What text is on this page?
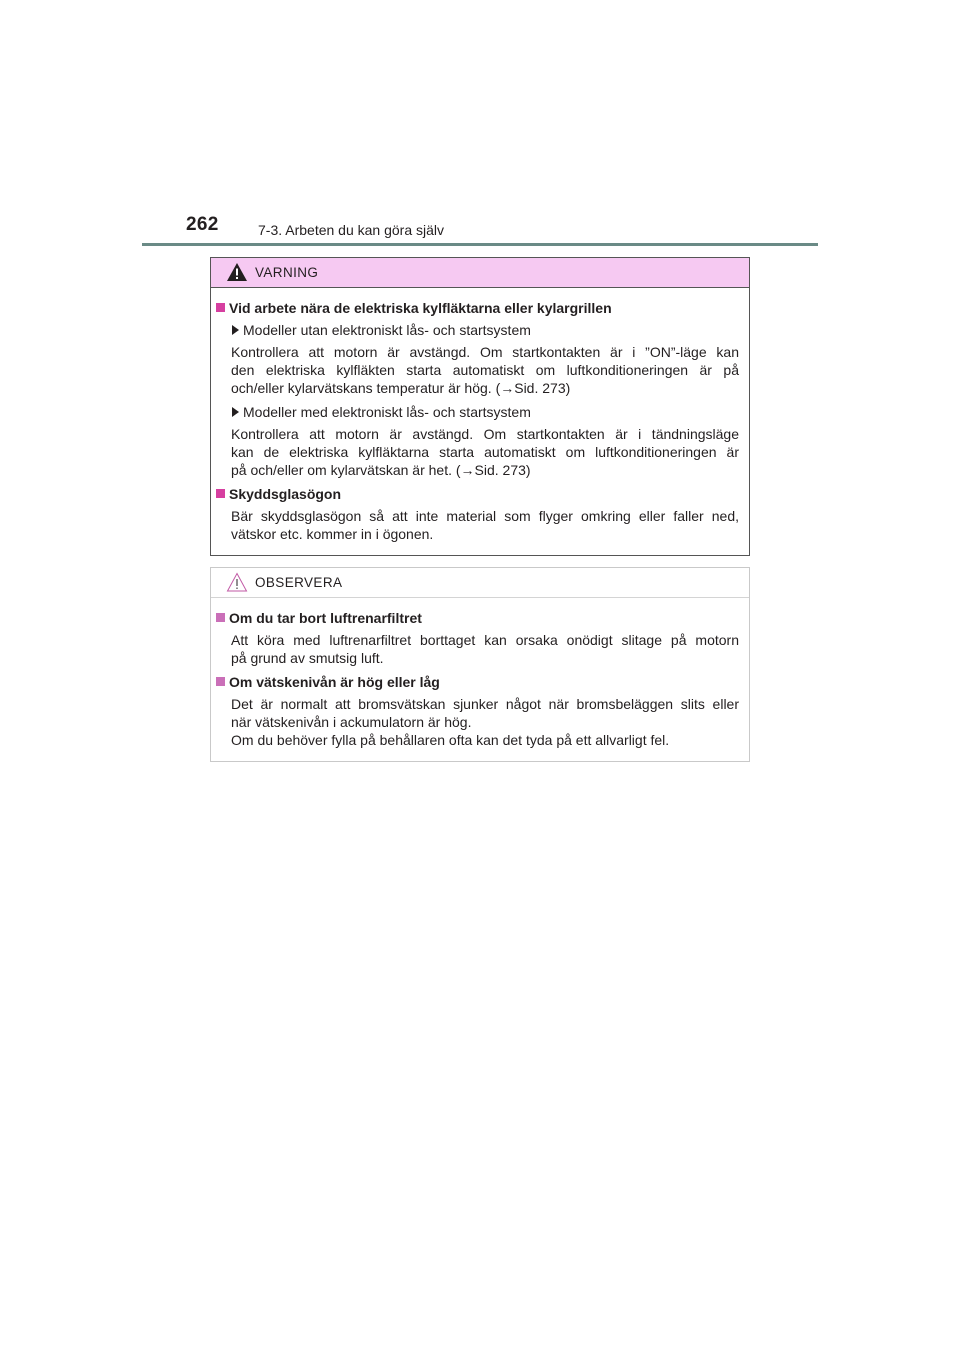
262	7-3. Arbeten du kan göra själv
VARNING
Vid arbete nära de elektriska kylfläktarna eller kylargrillen
Modeller utan elektroniskt lås- och startsystem
Kontrollera att motorn är avstängd. Om startkontakten är i ”ON”-läge kan
den elektriska kylfläkten starta automatiskt om luftkonditioneringen är på
och/eller kylarvätskans temperatur är hög. (→Sid. 273)
Modeller med elektroniskt lås- och startsystem
Kontrollera att motorn är avstängd. Om startkontakten är i tändningsläge
kan de elektriska kylfläktarna starta automatiskt om luftkonditioneringen är
på och/eller om kylarvätskan är het. (→Sid. 273)
Skyddsglasögon
Bär skyddsglasögon så att inte material som flyger omkring eller faller ned,
vätskor etc. kommer in i ögonen.
OBSERVERA
Om du tar bort luftrenarfiltret
Att köra med luftrenarfiltret borttaget kan orsaka onödigt slitage på motorn
på grund av smutsig luft.
Om vätskenivån är hög eller låg
Det är normalt att bromsvätskan sjunker något när bromsbeläggen slits eller
när vätskenivån i ackumulatorn är hög.
Om du behöver fylla på behållaren ofta kan det tyda på ett allvarligt fel.
